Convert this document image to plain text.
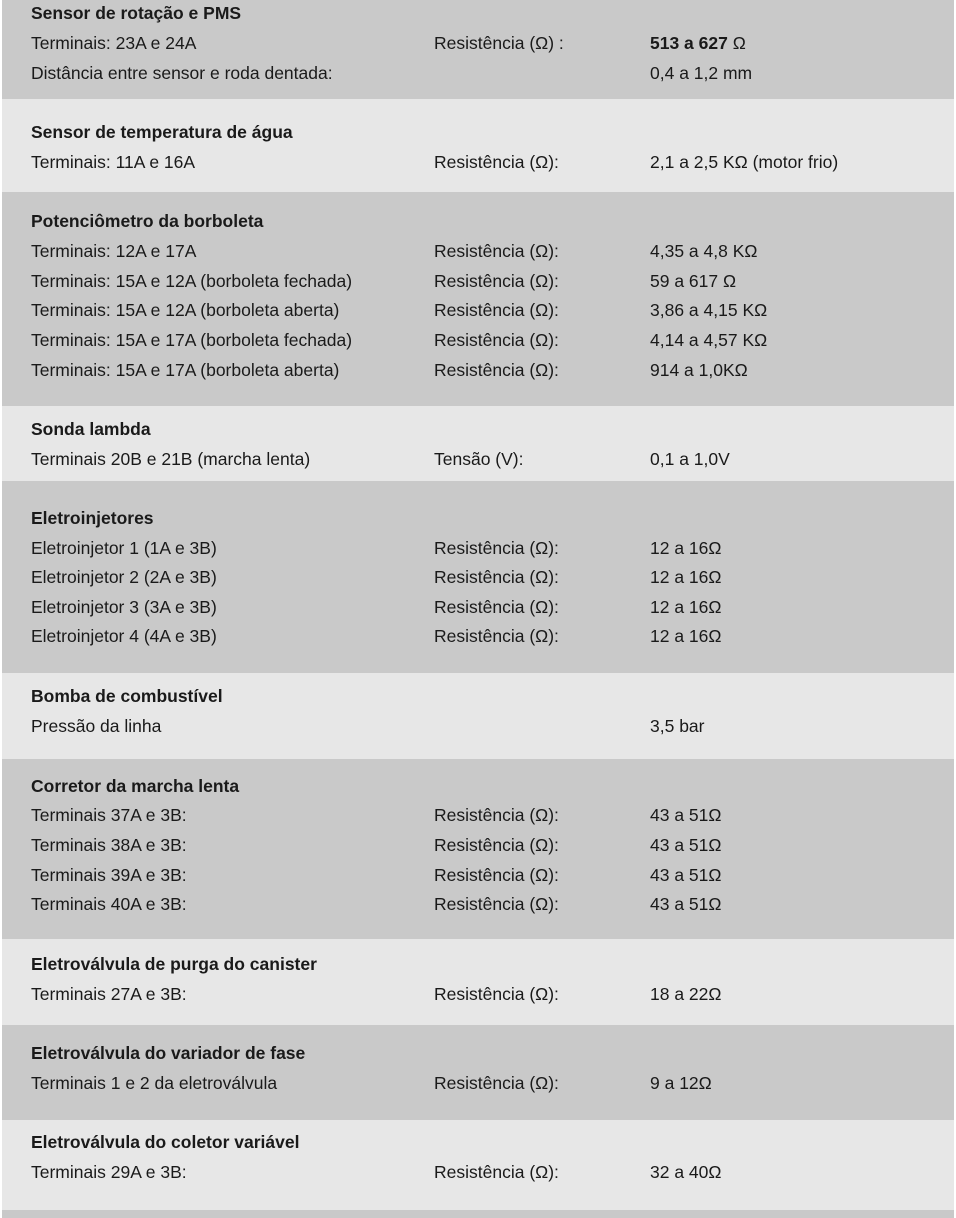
Sensor de rotação e PMS
Terminais: 23A e 24A	Resistência (Ω) :	513 a 627 Ω
Distância entre sensor e roda dentada:	0,4 a 1,2 mm
Sensor de temperatura de água
Terminais: 11A e 16A	Resistência (Ω):	2,1 a 2,5 KΩ (motor frio)
Potenciômetro da borboleta
Terminais: 12A e 17A	Resistência (Ω):	4,35 a 4,8 KΩ
Terminais: 15A e 12A (borboleta fechada)	Resistência (Ω):	59 a 617 Ω
Terminais: 15A e 12A (borboleta aberta)	Resistência (Ω):	3,86 a 4,15 KΩ
Terminais: 15A e 17A (borboleta fechada)	Resistência (Ω):	4,14 a 4,57 KΩ
Terminais: 15A e 17A (borboleta aberta)	Resistência (Ω):	914 a 1,0KΩ
Sonda lambda
Terminais 20B e 21B (marcha lenta)	Tensão (V):	0,1 a 1,0V
Eletroinjetores
Eletroinjetor 1 (1A e 3B)	Resistência (Ω):	12 a 16Ω
Eletroinjetor 2 (2A e 3B)	Resistência (Ω):	12 a 16Ω
Eletroinjetor 3 (3A e 3B)	Resistência (Ω):	12 a 16Ω
Eletroinjetor 4 (4A e 3B)	Resistência (Ω):	12 a 16Ω
Bomba de combustível
Pressão da linha	3,5 bar
Corretor da marcha lenta
Terminais 37A e 3B:	Resistência (Ω):	43 a 51Ω
Terminais 38A e 3B:	Resistência (Ω):	43 a 51Ω
Terminais 39A e 3B:	Resistência (Ω):	43 a 51Ω
Terminais 40A e 3B:	Resistência (Ω):	43 a 51Ω
Eletroválvula de purga do canister
Terminais 27A e 3B:	Resistência (Ω):	18 a 22Ω
Eletroválvula do variador de fase
Terminais 1 e 2 da eletroválvula	Resistência (Ω):	9 a 12Ω
Eletroválvula do coletor variável
Terminais 29A e 3B:	Resistência (Ω):	32 a 40Ω
